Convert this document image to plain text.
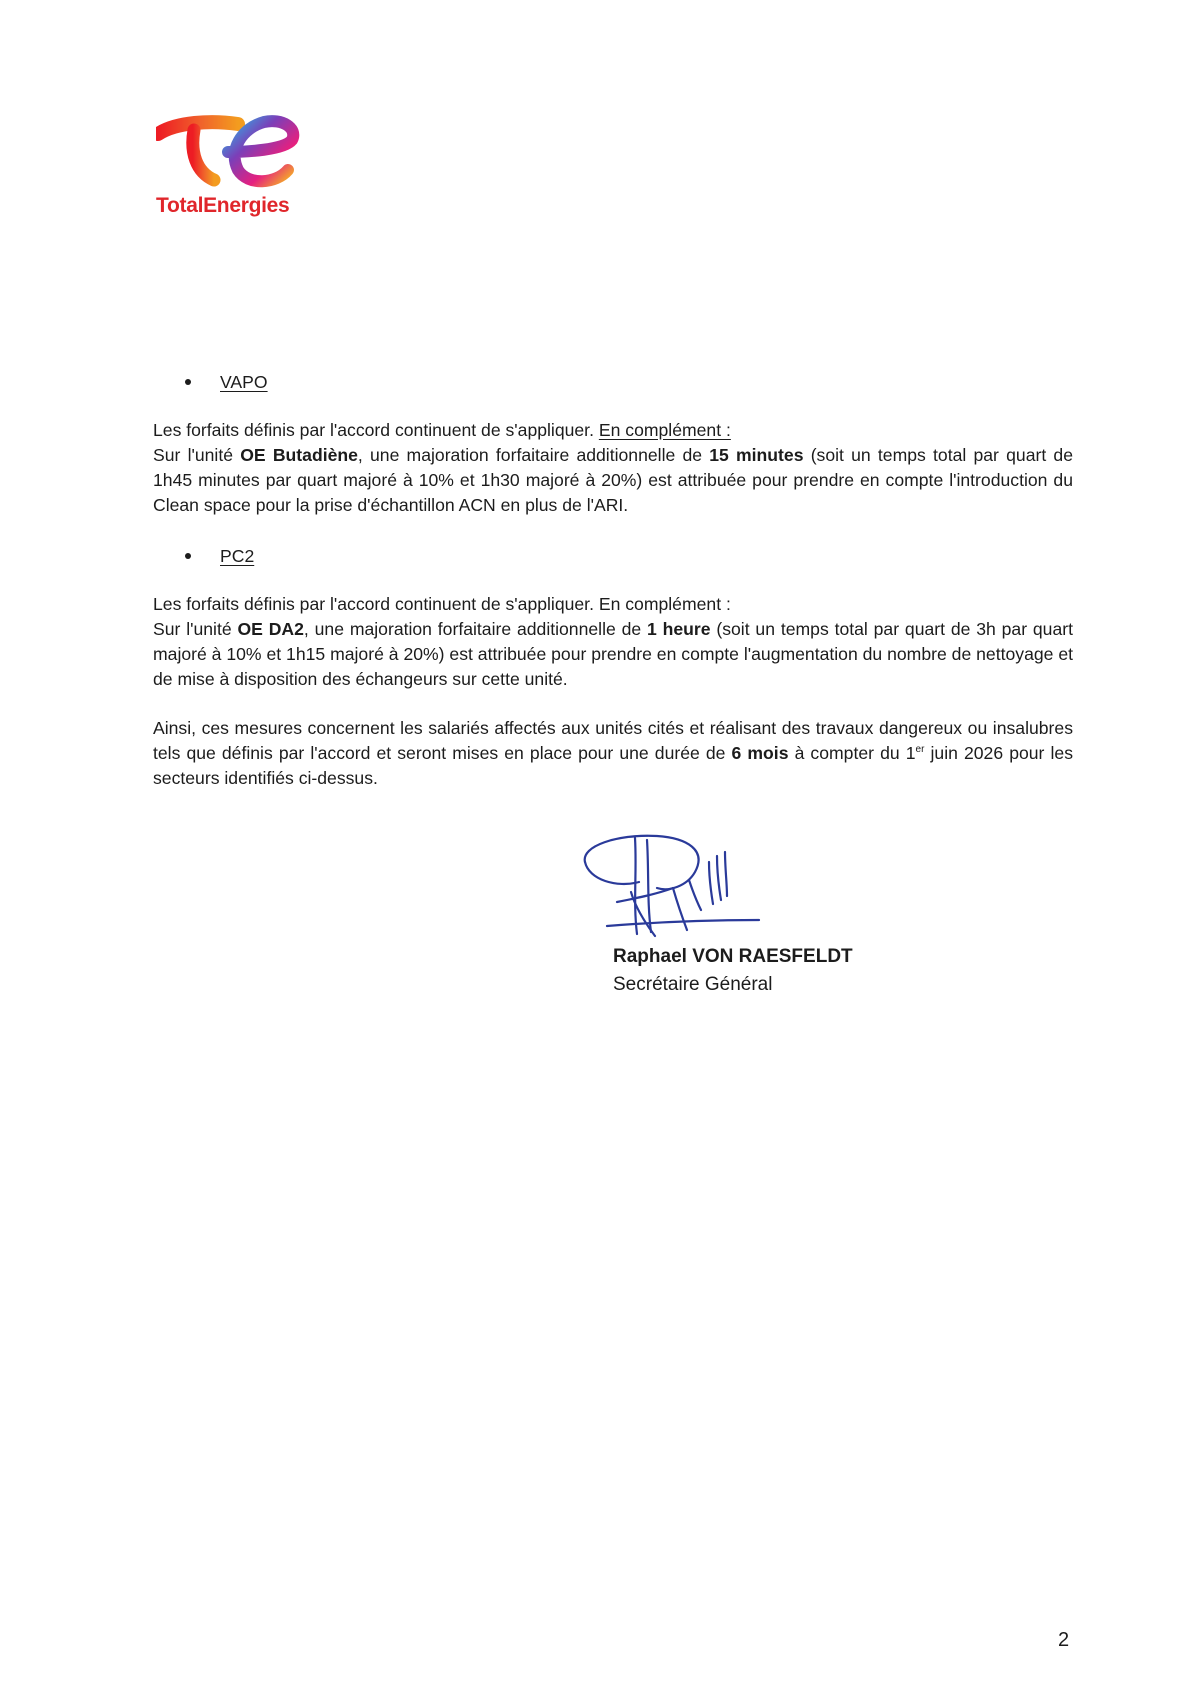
TotalEnergies
VAPO

Les forfaits définis par l'accord continuent de s'appliquer. En complément :

Sur l'unité OE Butadiène, une majoration forfaitaire additionnelle de 15 minutes (soit un temps total par quart de 1h45 minutes par quart majoré à 10% et 1h30 majoré à 20%) est attribuée pour prendre en compte l'introduction du Clean space pour la prise d'échantillon ACN en plus de l'ARI.

PC2

Les forfaits définis par l'accord continuent de s'appliquer. En complément :

Sur l'unité OE DA2, une majoration forfaitaire additionnelle de 1 heure (soit un temps total par quart de 3h par quart majoré à 10% et 1h15 majoré à 20%) est attribuée pour prendre en compte l'augmentation du nombre de nettoyage et de mise à disposition des échangeurs sur cette unité.

Ainsi, ces mesures concernent les salariés affectés aux unités cités et réalisant des travaux dangereux ou insalubres tels que définis par l'accord et seront mises en place pour une durée de 6 mois à compter du 1er juin 2026 pour les secteurs identifiés ci-dessus.

Raphael VON RAESFELDT
Secrétaire Général
2
